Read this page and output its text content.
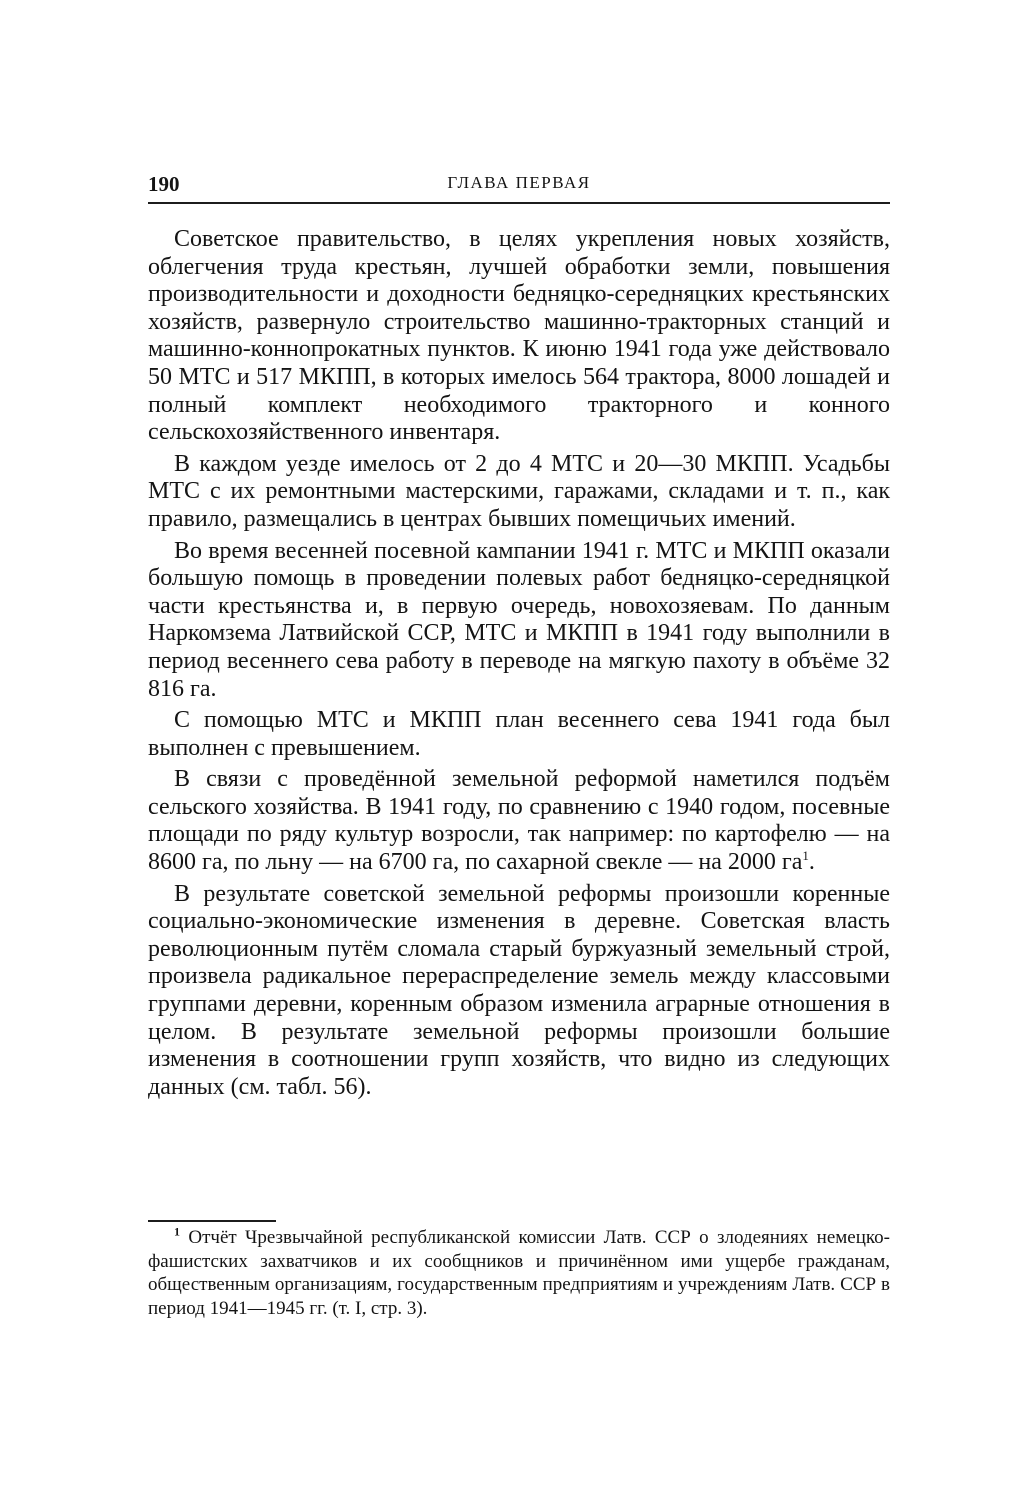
190	ГЛАВА ПЕРВАЯ

Советское правительство, в целях укрепления новых хозяйств, облегчения труда крестьян, лучшей обработки земли, повышения производительности и доходности бедняцко-середняцких крестьянских хозяйств, развернуло строительство машинно-тракторных станций и машинно-коннопрокатных пунктов. К июню 1941 года уже действовало 50 МТС и 517 МКПП, в которых имелось 564 трактора, 8000 лошадей и полный комплект необходимого тракторного и конного сельскохозяйственного инвентаря.

В каждом уезде имелось от 2 до 4 МТС и 20—30 МКПП. Усадьбы МТС с их ремонтными мастерскими, гаражами, складами и т. п., как правило, размещались в центрах бывших помещичьих имений.

Во время весенней посевной кампании 1941 г. МТС и МКПП оказали большую помощь в проведении полевых работ бедняцко-середняцкой части крестьянства и, в первую очередь, новохозяевам. По данным Наркомзема Латвийской ССР, МТС и МКПП в 1941 году выполнили в период весеннего сева работу в переводе на мягкую пахоту в объёме 32 816 га.

С помощью МТС и МКПП план весеннего сева 1941 года был выполнен с превышением.

В связи с проведённой земельной реформой наметился подъём сельского хозяйства. В 1941 году, по сравнению с 1940 годом, посевные площади по ряду культур возросли, так например: по картофелю — на 8600 га, по льну — на 6700 га, по сахарной свекле — на 2000 га$^1$.

В результате советской земельной реформы произошли коренные социально-экономические изменения в деревне. Советская власть революционным путём сломала старый буржуазный земельный строй, произвела радикальное перераспределение земель между классовыми группами деревни, коренным образом изменила аграрные отношения в целом. В результате земельной реформы произошли большие изменения в соотношении групп хозяйств, что видно из следующих данных (см. табл. 56).

$^1$ Отчёт Чрезвычайной республиканской комиссии Латв. ССР о злодеяниях немецко-фашистских захватчиков и их сообщников и причинённом ими ущербе гражданам, общественным организациям, государственным предприятиям и учреждениям Латв. ССР в период 1941—1945 гг. (т. I, стр. 3).
